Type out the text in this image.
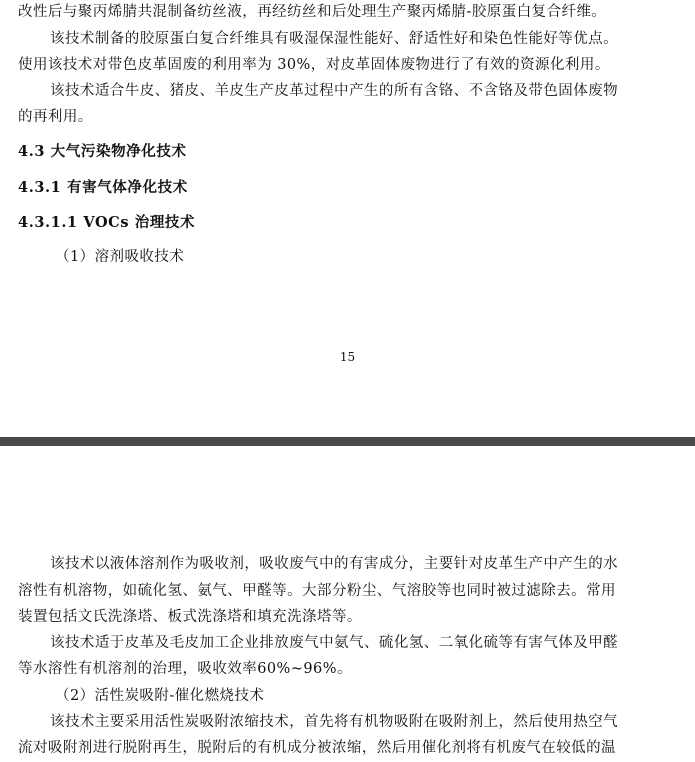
改性后与聚丙烯腈共混制备纺丝液，再经纺丝和后处理生产聚丙烯腈-胶原蛋白复合纤维。
该技术制备的胶原蛋白复合纤维具有吸湿保湿性能好、舒适性好和染色性能好等优点。
使用该技术对带色皮革固废的利用率为 30%，对皮革固体废物进行了有效的资源化利用。
该技术适合牛皮、猪皮、羊皮生产皮革过程中产生的所有含铬、不含铬及带色固体废物
的再利用。
4.3 大气污染物净化技术
4.3.1 有害气体净化技术
4.3.1.1 VOCs 治理技术
（1）溶剂吸收技术
15
该技术以液体溶剂作为吸收剂，吸收废气中的有害成分，主要针对皮革生产中产生的水
溶性有机溶物，如硫化氢、氨气、甲醛等。大部分粉尘、气溶胶等也同时被过滤除去。常用
装置包括文氏洗涤塔、板式洗涤塔和填充洗涤塔等。
该技术适于皮革及毛皮加工企业排放废气中氨气、硫化氢、二氧化硫等有害气体及甲醛
等水溶性有机溶剂的治理，吸收效率60%~96%。
（2）活性炭吸附-催化燃烧技术
该技术主要采用活性炭吸附浓缩技术，首先将有机物吸附在吸附剂上，然后使用热空气
流对吸附剂进行脱附再生，脱附后的有机成分被浓缩，然后用催化剂将有机废气在较低的温
